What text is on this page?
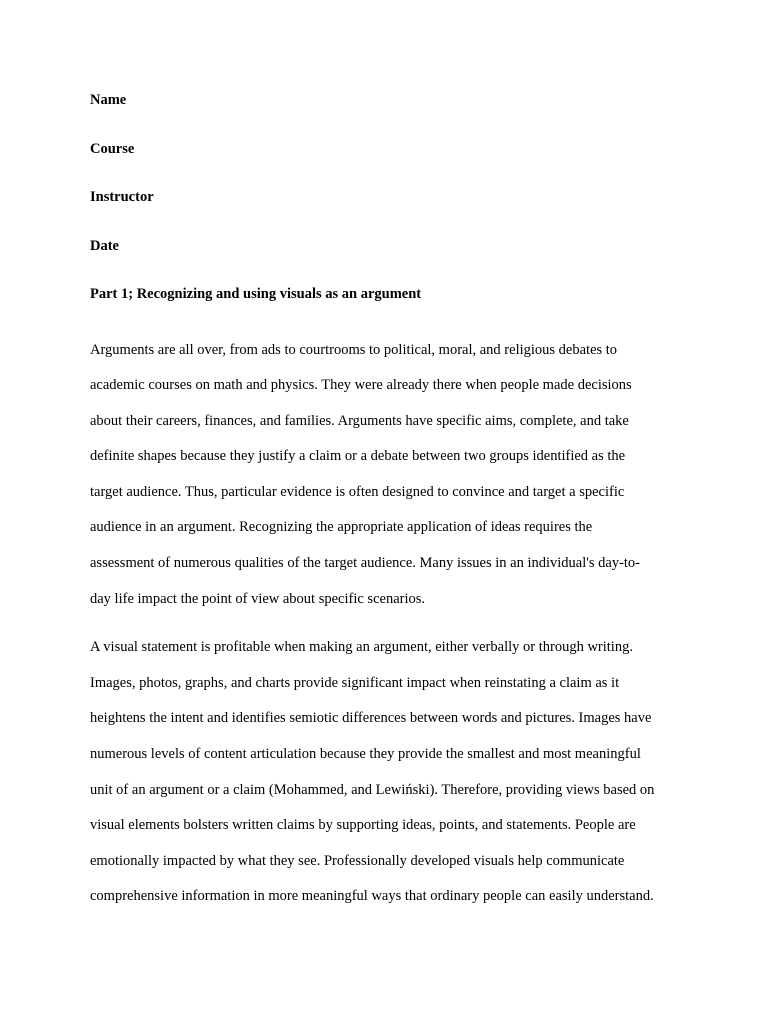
Name
Course
Instructor
Date
Part 1; Recognizing and using visuals as an argument
Arguments are all over, from ads to courtrooms to political, moral, and religious debates to
academic courses on math and physics. They were already there when people made decisions
about their careers, finances, and families. Arguments have specific aims, complete, and take
definite shapes because they justify a claim or a debate between two groups identified as the
target audience. Thus, particular evidence is often designed to convince and target a specific
audience in an argument. Recognizing the appropriate application of ideas requires the
assessment of numerous qualities of the target audience. Many issues in an individual's day-to-
day life impact the point of view about specific scenarios.
A visual statement is profitable when making an argument, either verbally or through writing.
Images, photos, graphs, and charts provide significant impact when reinstating a claim as it
heightens the intent and identifies semiotic differences between words and pictures. Images have
numerous levels of content articulation because they provide the smallest and most meaningful
unit of an argument or a claim (Mohammed, and Lewiński). Therefore, providing views based on
visual elements bolsters written claims by supporting ideas, points, and statements. People are
emotionally impacted by what they see. Professionally developed visuals help communicate
comprehensive information in more meaningful ways that ordinary people can easily understand.
